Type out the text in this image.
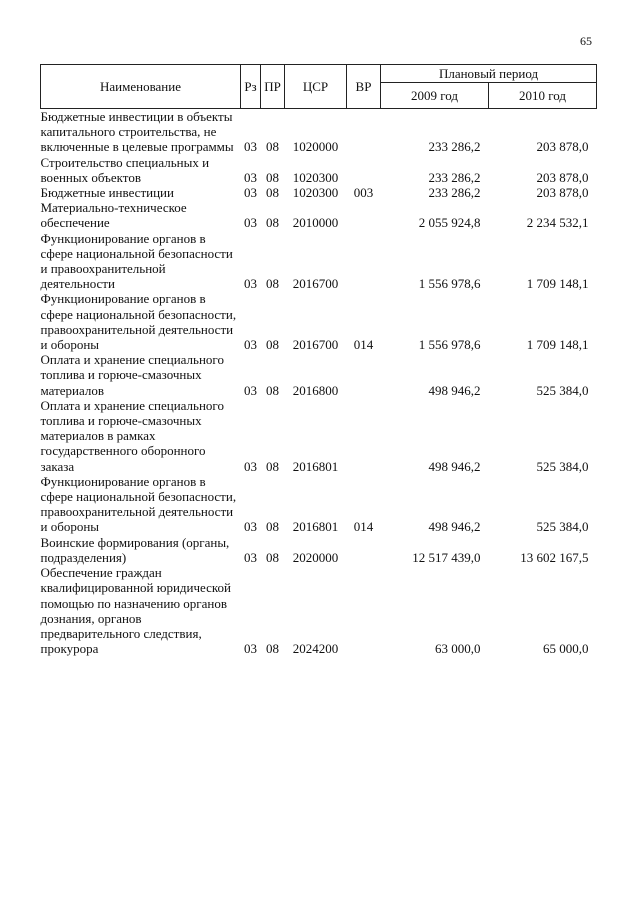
65
Наименование	Рз	ПР	ЦСР	ВР	Плановый период	
					2009 год	2010 год
Бюджетные инвестиции в объекты капитального строительства, не включенные в целевые программы	03	08	1020000		233 286,2	203 878,0
Строительство специальных и военных объектов	03	08	1020300		233 286,2	203 878,0
Бюджетные инвестиции	03	08	1020300	003	233 286,2	203 878,0
Материально-техническое обеспечение	03	08	2010000		2 055 924,8	2 234 532,1
Функционирование органов в сфере национальной безопасности и правоохранительной деятельности	03	08	2016700		1 556 978,6	1 709 148,1
Функционирование органов в сфере национальной безопасности, правоохранительной деятельности и обороны	03	08	2016700	014	1 556 978,6	1 709 148,1
Оплата и хранение специального топлива и горюче-смазочных материалов	03	08	2016800		498 946,2	525 384,0
Оплата и хранение специального топлива и горюче-смазочных материалов в рамках государственного оборонного заказа	03	08	2016801		498 946,2	525 384,0
Функционирование органов в сфере национальной безопасности, правоохранительной деятельности и обороны	03	08	2016801	014	498 946,2	525 384,0
Воинские формирования (органы, подразделения)	03	08	2020000		12 517 439,0	13 602 167,5
Обеспечение граждан квалифицированной юридической помощью по назначению органов дознания, органов предварительного следствия, прокурора	03	08	2024200		63 000,0	65 000,0
